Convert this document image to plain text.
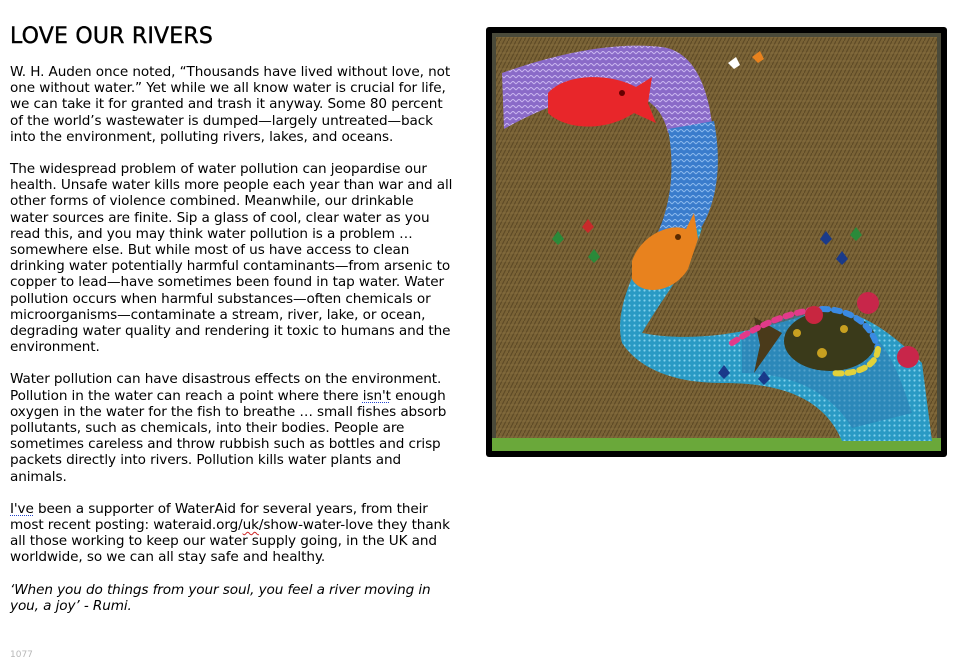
LOVE OUR RIVERS

W. H. Auden once noted, “Thousands have lived without love, not one without water.” Yet while we all know water is crucial for life, we can take it for granted and trash it anyway. Some 80 percent of the world’s wastewater is dumped—largely untreated—back into the environment, polluting rivers, lakes, and oceans.

The widespread problem of water pollution can jeopardise our health. Unsafe water kills more people each year than war and all other forms of violence combined. Meanwhile, our drinkable water sources are finite. Sip a glass of cool, clear water as you read this, and you may think water pollution is a problem … somewhere else. But while most of us have access to clean drinking water potentially harmful contaminants—from arsenic to copper to lead—have sometimes been found in tap water. Water pollution occurs when harmful substances—often chemicals or microorganisms—contaminate a stream, river, lake, or ocean, degrading water quality and rendering it toxic to humans and the environment.

Water pollution can have disastrous effects on the environment. Pollution in the water can reach a point where there isn't enough oxygen in the water for the fish to breathe … small fishes absorb pollutants, such as chemicals, into their bodies. People are sometimes careless and throw rubbish such as bottles and crisp packets directly into rivers. Pollution kills water plants and animals.

I've been a supporter of WaterAid for several years, from their most recent posting: wateraid.org/uk/show-water-love they thank all those working to keep our water supply going, in the UK and worldwide, so we can all stay safe and healthy.

‘When you do things from your soul, you feel a river moving in you, a joy’ - Rumi.

1077
